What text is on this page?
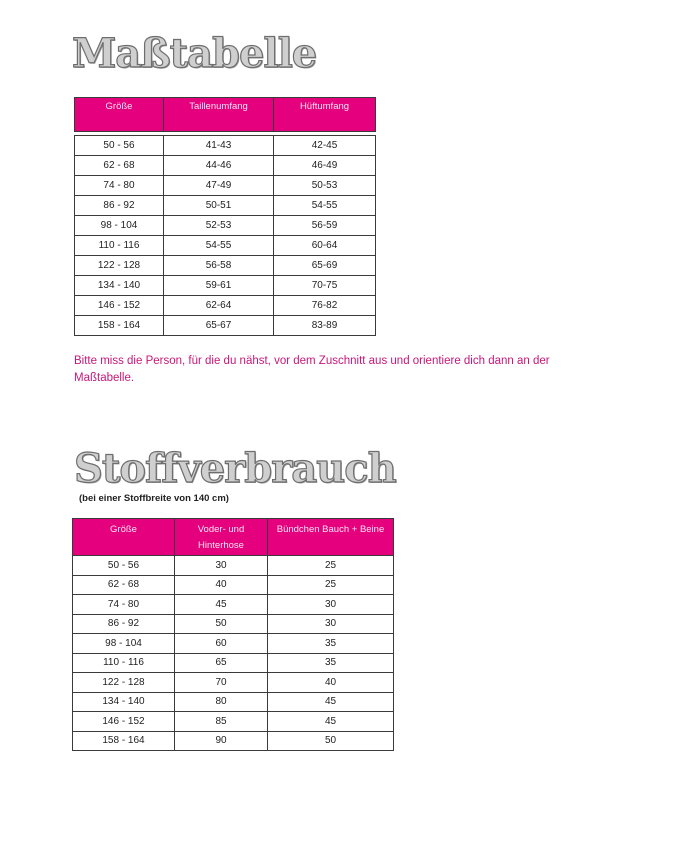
Maßtabelle
Größe	Taillenumfang	Hüftumfang

50 - 56	41-43	42-45
62 - 68	44-46	46-49
74 - 80	47-49	50-53
86 - 92	50-51	54-55
98 - 104	52-53	56-59
110 - 116	54-55	60-64
122 - 128	56-58	65-69
134 - 140	59-61	70-75
146 - 152	62-64	76-82
158 - 164	65-67	83-89
Bitte miss die Person, für die du nähst, vor dem Zuschnitt aus und orientiere dich dann an der Maßtabelle.
Stoffverbrauch
(bei einer Stoffbreite von 140 cm)
Größe	Voder- und Hinterhose	Bündchen Bauch + Beine
50 - 56	30	25
62 - 68	40	25
74 - 80	45	30
86 - 92	50	30
98 - 104	60	35
110 - 116	65	35
122 - 128	70	40
134 - 140	80	45
146 - 152	85	45
158 - 164	90	50
